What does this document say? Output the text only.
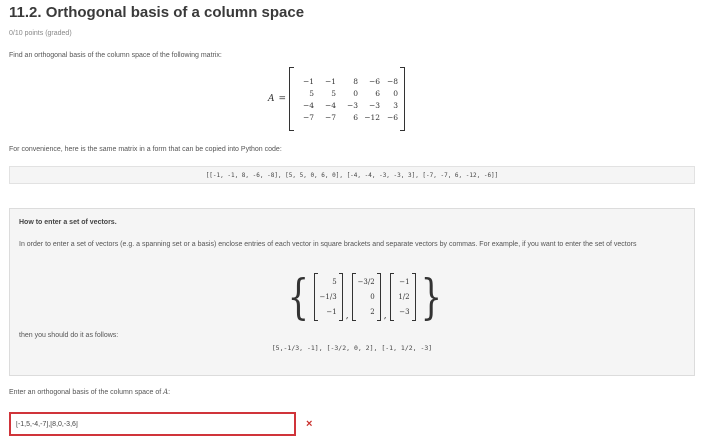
11.2. Orthogonal basis of a column space
0/10 points (graded)
Find an orthogonal basis of the column space of the following matrix:
A =
−1	−1	8	−6 −8
5	5	0	6	0
−4	−4	−3	−3	3
−7	−7	6 −12 −6
For convenience, here is the same matrix in a form that can be copied into Python code:
[[-1, -1, 8, -6, -8], [5, 5, 0, 6, 0], [-4, -4, -3, -3, 3], [-7, -7, 6, -12, -6]]
How to enter a set of vectors.
In order to enter a set of vectors (e.g. a spanning set or a basis) enclose entries of each vector in square brackets and separate vectors by commas. For example, if you want to enter the set of vectors
{	5
−1/3
−1 ,
−3/2
0
2 ,
−1
1/2
−3 }
then you should do it as follows:
[5,-1/3, -1], [-3/2, 0, 2], [-1, 1/2, -3]
Enter an orthogonal basis of the column space of A:
[-1,5,-4,-7],[8,0,-3,6]
×
